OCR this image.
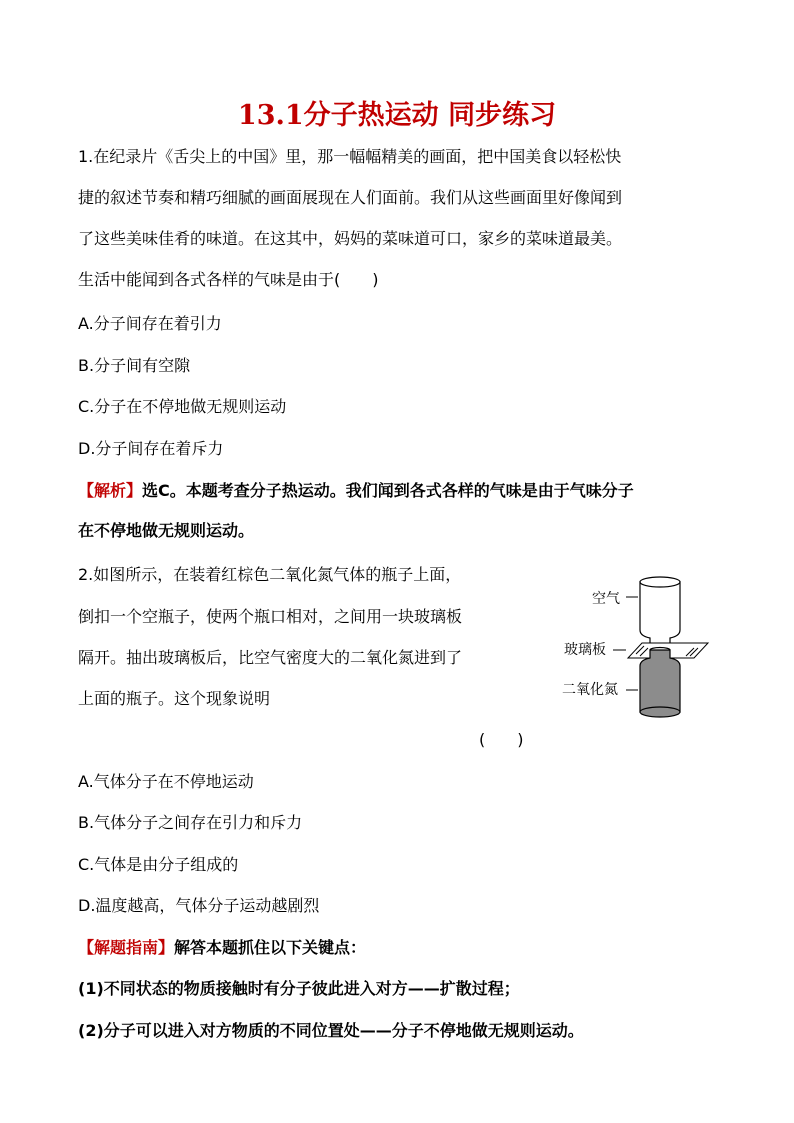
13.1分子热运动 同步练习
1.在纪录片《舌尖上的中国》里，那一幅幅精美的画面，把中国美食以轻松快
捷的叙述节奏和精巧细腻的画面展现在人们面前。我们从这些画面里好像闻到
了这些美味佳肴的味道。在这其中，妈妈的菜味道可口，家乡的菜味道最美。
生活中能闻到各式各样的气味是由于(　　)
A.分子间存在着引力
B.分子间有空隙
C.分子在不停地做无规则运动
D.分子间存在着斥力
【解析】选C。本题考查分子热运动。我们闻到各式各样的气味是由于气味分子
在不停地做无规则运动。
2.如图所示，在装着红棕色二氧化氮气体的瓶子上面，
倒扣一个空瓶子，使两个瓶口相对，之间用一块玻璃板
隔开。抽出玻璃板后，比空气密度大的二氧化氮进到了
上面的瓶子。这个现象说明
(　　)
空气
玻璃板
二氧化氮
A.气体分子在不停地运动
B.气体分子之间存在引力和斥力
C.气体是由分子组成的
D.温度越高，气体分子运动越剧烈
【解题指南】解答本题抓住以下关键点：
(1)不同状态的物质接触时有分子彼此进入对方——扩散过程；
(2)分子可以进入对方物质的不同位置处——分子不停地做无规则运动。
